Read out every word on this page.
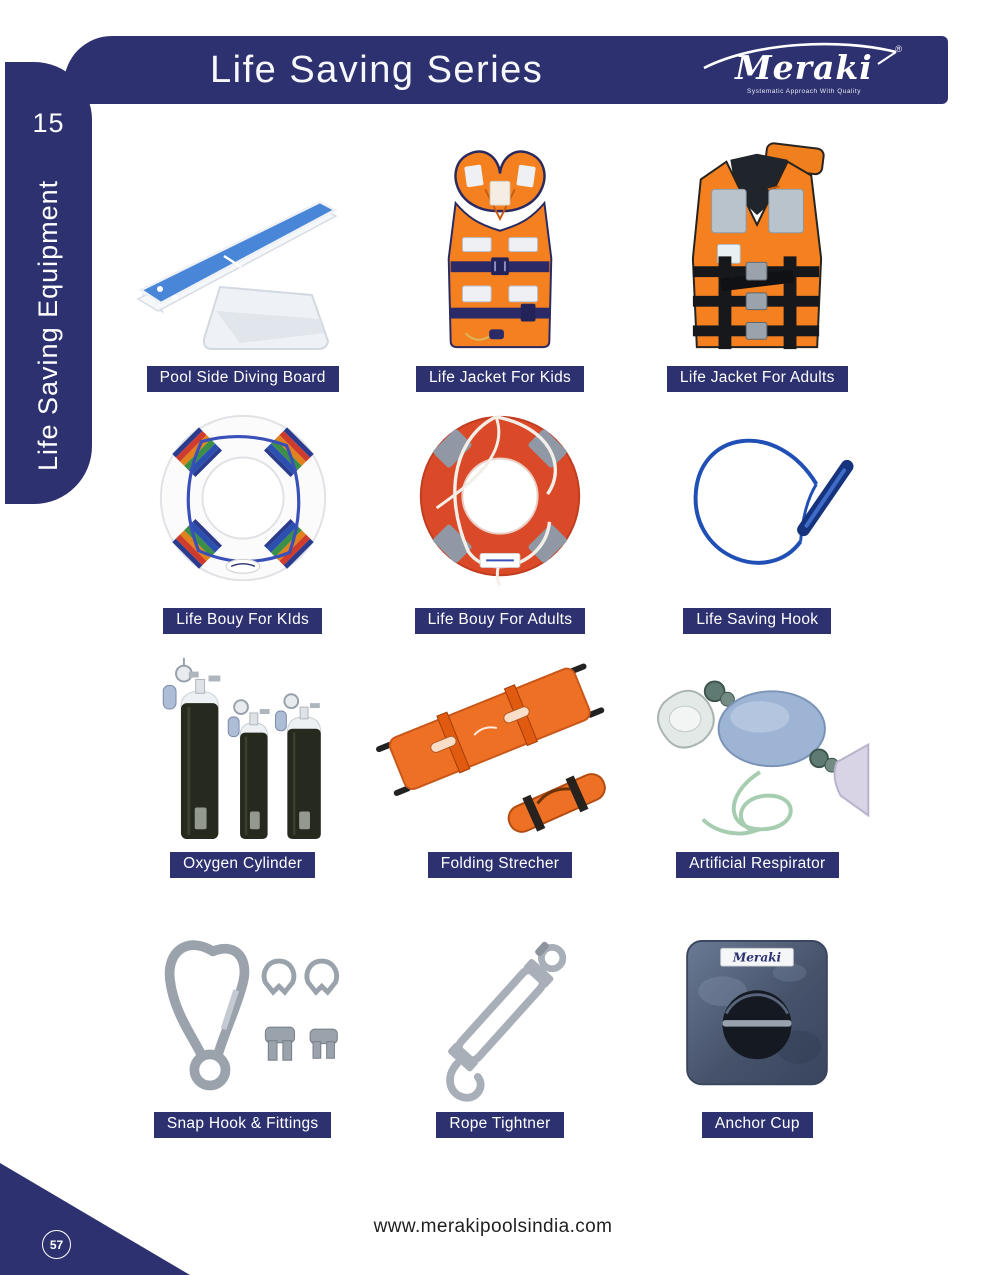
Life Saving Series	Meraki	®
Systematic Approach With Quality
15
Life Saving Equipment	Pool Side Diving Board	Life Jacket For Kids	Life Jacket For Adults
Life Bouy For KIds	Life Bouy For Adults	Life Saving Hook
Oxygen Cylinder	Folding Strecher	Artificial Respirator
Snap Hook & Fittings	Rope Tightner
Meraki
Anchor Cup
57
www.merakipoolsindia.com
